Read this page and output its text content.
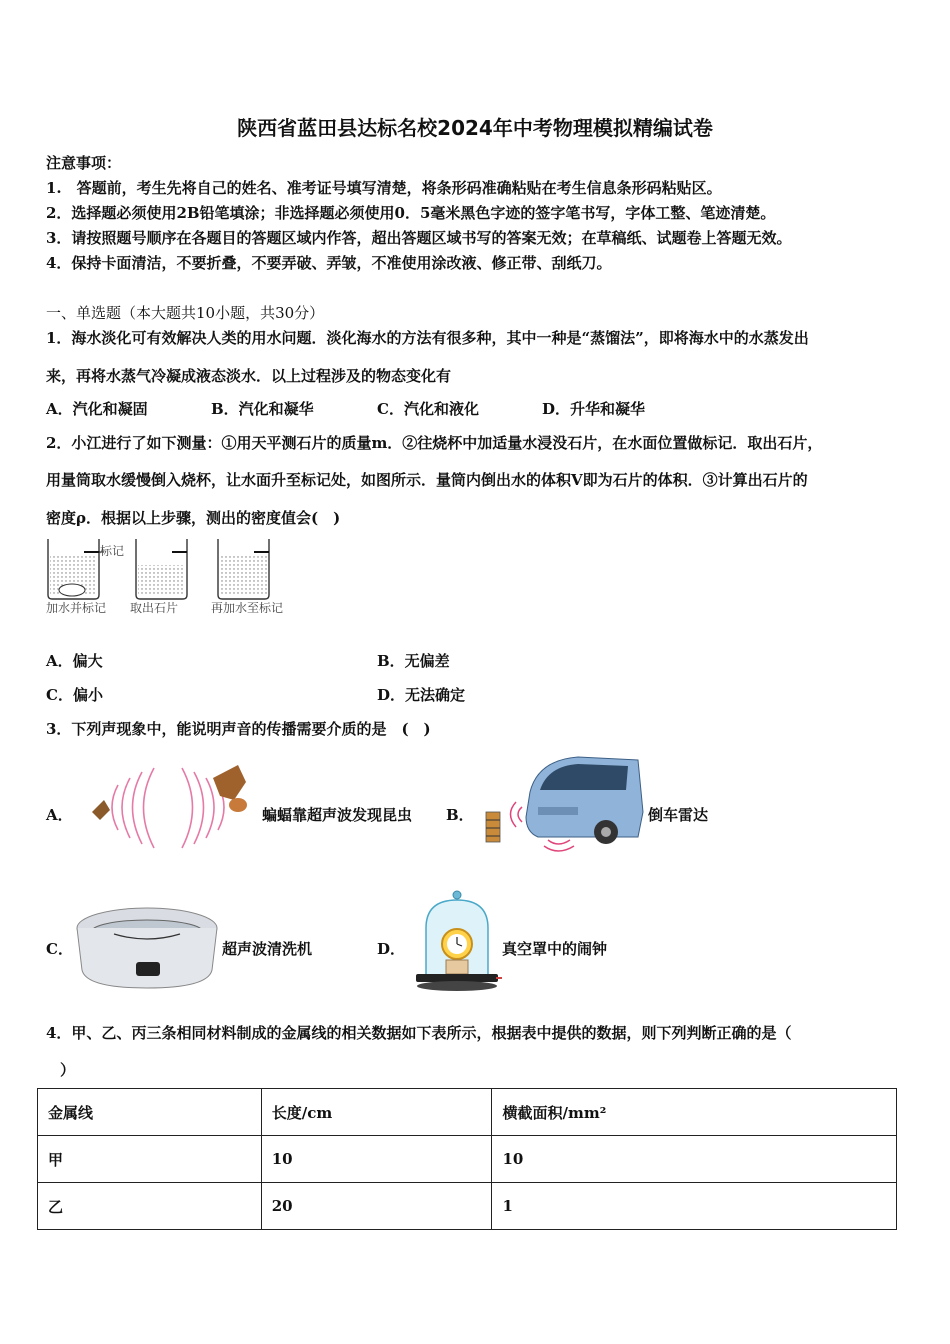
陕西省蓝田县达标名校2024年中考物理模拟精编试卷
注意事项：
1.　答题前，考生先将自己的姓名、准考证号填写清楚，将条形码准确粘贴在考生信息条形码粘贴区。
2．选择题必须使用2B铅笔填涂；非选择题必须使用0．5毫米黑色字迹的签字笔书写，字体工整、笔迹清楚。
3．请按照题号顺序在各题目的答题区域内作答，超出答题区域书写的答案无效；在草稿纸、试题卷上答题无效。
4．保持卡面清洁，不要折叠，不要弄破、弄皱，不准使用涂改液、修正带、刮纸刀。
一、单选题（本大题共10小题，共30分）
1．海水淡化可有效解决人类的用水问题．淡化海水的方法有很多种，其中一种是“蒸馏法”，即将海水中的水蒸发出
来，再将水蒸气冷凝成液态淡水．以上过程涉及的物态变化有
A．汽化和凝固	B．汽化和凝华	C．汽化和液化	D．升华和凝华
2．小江进行了如下测量：①用天平测石片的质量m．②往烧杯中加适量水浸没石片，在水面位置做标记．取出石片，
用量筒取水缓慢倒入烧杯，让水面升至标记处，如图所示．量筒内倒出水的体积V即为石片的体积．③计算出石片的
密度ρ．根据以上步骤，测出的密度值会(　)
标记
加水并标记 取出石片	再加水至标记
A．偏大	B．无偏差
C．偏小	D．无法确定
3．下列声现象中，能说明声音的传播需要介质的是　(　)
A．	蝙蝠靠超声波发现昆虫 B．	倒车雷达
C．	超声波清洗机	D．	真空罩中的闹钟
4．甲、乙、丙三条相同材料制成的金属线的相关数据如下表所示，根据表中提供的数据，则下列判断正确的是（
）
金属线	长度/cm	横截面积/mm²
甲	10	10
乙	20	1
